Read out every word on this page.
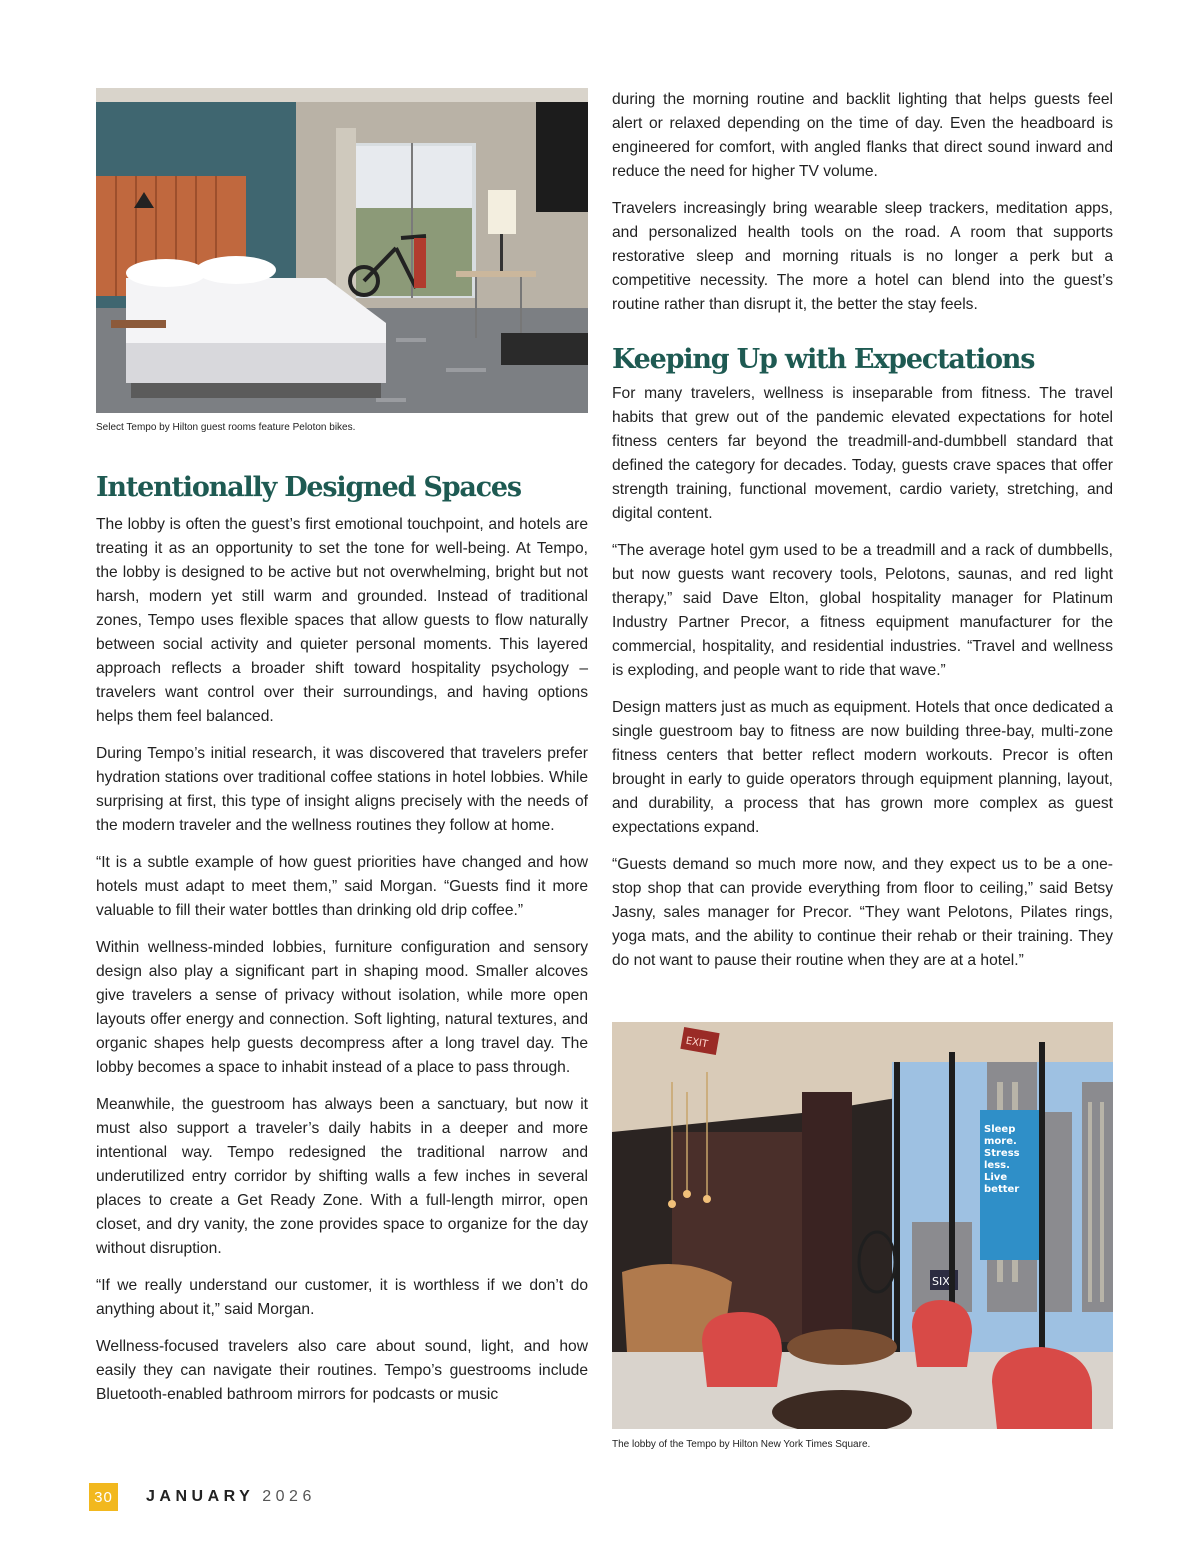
Select Tempo by Hilton guest rooms feature Peloton bikes.

Intentionally Designed Spaces

The lobby is often the guest’s first emotional touchpoint, and hotels are treating it as an opportunity to set the tone for well-being. At Tempo, the lobby is designed to be active but not overwhelming, bright but not harsh, modern yet still warm and grounded. Instead of traditional zones, Tempo uses flexible spaces that allow guests to flow naturally between social activity and quieter personal moments. This layered approach reflects a broader shift toward hospitality psychology – travelers want control over their surroundings, and having options helps them feel balanced.

During Tempo’s initial research, it was discovered that travelers prefer hydration stations over traditional coffee stations in hotel lobbies. While surprising at first, this type of insight aligns precisely with the needs of the modern traveler and the wellness routines they follow at home.

“It is a subtle example of how guest priorities have changed and how hotels must adapt to meet them,” said Morgan. “Guests find it more valuable to fill their water bottles than drinking old drip coffee.”

Within wellness-minded lobbies, furniture configuration and sensory design also play a significant part in shaping mood. Smaller alcoves give travelers a sense of privacy without isolation, while more open layouts offer energy and connection. Soft lighting, natural textures, and organic shapes help guests decompress after a long travel day. The lobby becomes a space to inhabit instead of a place to pass through.

Meanwhile, the guestroom has always been a sanctuary, but now it must also support a traveler’s daily habits in a deeper and more intentional way. Tempo redesigned the traditional narrow and underutilized entry corridor by shifting walls a few inches in several places to create a Get Ready Zone. With a full-length mirror, open closet, and dry vanity, the zone provides space to organize for the day without disruption.

“If we really understand our customer, it is worthless if we don’t do anything about it,” said Morgan.

Wellness-focused travelers also care about sound, light, and how easily they can navigate their routines. Tempo’s guestrooms include Bluetooth-enabled bathroom mirrors for podcasts or music

during the morning routine and backlit lighting that helps guests feel alert or relaxed depending on the time of day. Even the headboard is engineered for comfort, with angled flanks that direct sound inward and reduce the need for higher TV volume.

Travelers increasingly bring wearable sleep trackers, meditation apps, and personalized health tools on the road. A room that supports restorative sleep and morning rituals is no longer a perk but a competitive necessity. The more a hotel can blend into the guest’s routine rather than disrupt it, the better the stay feels.

Keeping Up with Expectations

For many travelers, wellness is inseparable from fitness. The travel habits that grew out of the pandemic elevated expectations for hotel fitness centers far beyond the treadmill-and-dumbbell standard that defined the category for decades. Today, guests crave spaces that offer strength training, functional movement, cardio variety, stretching, and digital content.

“The average hotel gym used to be a treadmill and a rack of dumbbells, but now guests want recovery tools, Pelotons, saunas, and red light therapy,” said Dave Elton, global hospitality manager for Platinum Industry Partner Precor, a fitness equipment manufacturer for the commercial, hospitality, and residential industries. “Travel and wellness is exploding, and people want to ride that wave.”

Design matters just as much as equipment. Hotels that once dedicated a single guestroom bay to fitness are now building three-bay, multi-zone fitness centers that better reflect modern workouts. Precor is often brought in early to guide operators through equipment planning, layout, and durability, a process that has grown more complex as guest expectations expand.

“Guests demand so much more now, and they expect us to be a one-stop shop that can provide everything from floor to ceiling,” said Betsy Jasny, sales manager for Precor. “They want Pelotons, Pilates rings, yoga mats, and the ability to continue their rehab or their training. They do not want to pause their routine when they are at a hotel.”

Sleep
more.
Stress
less.
Live
better
SIX
EXIT

The lobby of the Tempo by Hilton New York Times Square.

30	JANUARY 2026
